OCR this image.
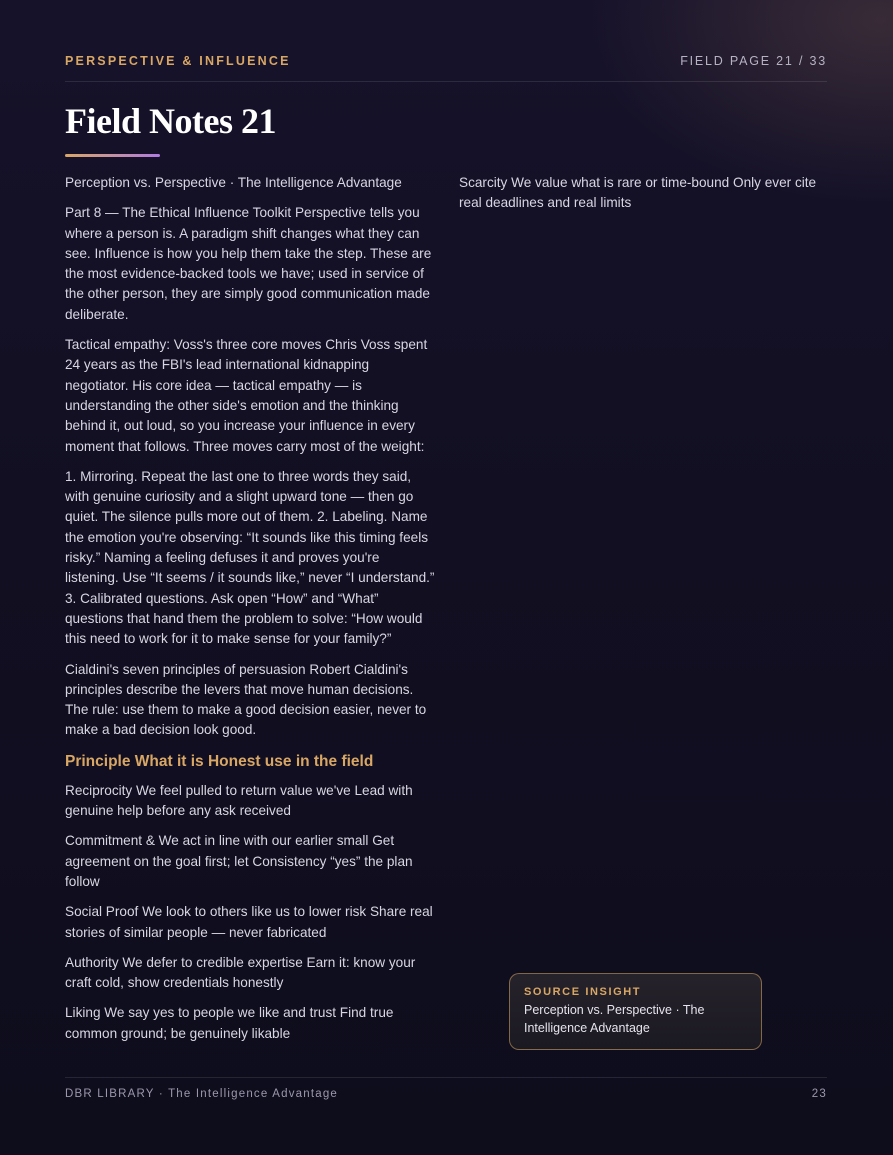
PERSPECTIVE & INFLUENCE	FIELD PAGE 21 / 33
Field Notes 21

Perception vs. Perspective · The Intelligence Advantage

Part 8 — The Ethical Influence Toolkit Perspective tells you where a person is. A paradigm shift changes what they can see. Influence is how you help them take the step. These are the most evidence-backed tools we have; used in service of the other person, they are simply good communication made deliberate.

Tactical empathy: Voss's three core moves Chris Voss spent 24 years as the FBI's lead international kidnapping negotiator. His core idea — tactical empathy — is understanding the other side's emotion and the thinking behind it, out loud, so you increase your influence in every moment that follows. Three moves carry most of the weight:

1. Mirroring. Repeat the last one to three words they said, with genuine curiosity and a slight upward tone — then go quiet. The silence pulls more out of them. 2. Labeling. Name the emotion you're observing: “It sounds like this timing feels risky.” Naming a feeling defuses it and proves you're listening. Use “It seems / it sounds like,” never “I understand.” 3. Calibrated questions. Ask open “How” and “What” questions that hand them the problem to solve: “How would this need to work for it to make sense for your family?”

Cialdini's seven principles of persuasion Robert Cialdini's principles describe the levers that move human decisions. The rule: use them to make a good decision easier, never to make a bad decision look good.

Principle What it is Honest use in the field

Reciprocity We feel pulled to return value we've Lead with genuine help before any ask received

Commitment & We act in line with our earlier small Get agreement on the goal first; let Consistency “yes” the plan follow

Social Proof We look to others like us to lower risk Share real stories of similar people — never fabricated

Authority We defer to credible expertise Earn it: know your craft cold, show credentials honestly

Liking We say yes to people we like and trust Find true common ground; be genuinely likable

Scarcity We value what is rare or time-bound Only ever cite real deadlines and real limits

SOURCE INSIGHT
Perception vs. Perspective · The Intelligence Advantage
DBR LIBRARY · The Intelligence Advantage	23
